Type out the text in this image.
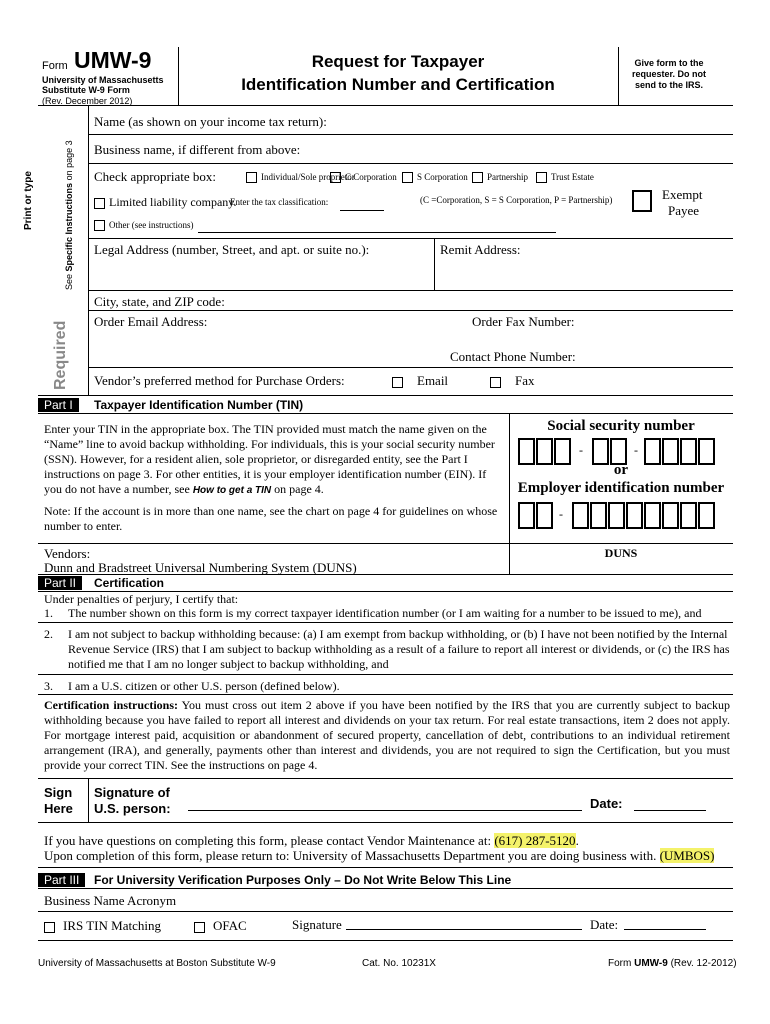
Form UMW-9
University of Massachusetts
Substitute W-9 Form
(Rev. December 2012)
Request for Taxpayer
Identification Number and Certification
Give form to the requester. Do not send to the IRS.
Print or type
See Specific Instructions on page 3
Required
Name (as shown on your income tax return):
Business name, if different from above:
Check appropriate box:	Individual/Sole proprietor
C Corporation	S Corporation	Partnership	Trust Estate
Limited liability company.
Enter the tax classification:	(C =Corporation, S = S Corporation, P = Partnership)	Exempt
Payee
Other (see instructions)
Legal Address (number, Street, and apt. or suite no.):	Remit Address:
City, state, and ZIP code:
Order Email Address:	Order Fax Number:
Contact Phone Number:
Vendor’s preferred method for Purchase Orders:	Email	Fax
Part I	Taxpayer Identification Number (TIN)
Enter your TIN in the appropriate box. The TIN provided must match the name given on the “Name” line to avoid backup withholding. For individuals, this is your social security number (SSN). However, for a resident alien, sole proprietor, or disregarded entity, see the Part I instructions on page 3. For other entities, it is your employer identification number (EIN). If you do not have a number, see How to get a TIN on page 4.
Note: If the account is in more than one name, see the chart on page 4 for guidelines on whose number to enter.
Social security number
-	-
or
Employer identification number
-
Vendors:
Dunn and Bradstreet Universal Numbering System (DUNS)
DUNS
Part II	Certification
Under penalties of perjury, I certify that:
1. The number shown on this form is my correct taxpayer identification number (or I am waiting for a number to be issued to me), and
2. I am not subject to backup withholding because: (a) I am exempt from backup withholding, or (b) I have not been notified by the Internal Revenue Service (IRS) that I am subject to backup withholding as a result of a failure to report all interest or dividends, or (c) the IRS has notified me that I am no longer subject to backup withholding, and
3. I am a U.S. citizen or other U.S. person (defined below).
Certification instructions: You must cross out item 2 above if you have been notified by the IRS that you are currently subject to backup withholding because you have failed to report all interest and dividends on your tax return. For real estate transactions, item 2 does not apply. For mortgage interest paid, acquisition or abandonment of secured property, cancellation of debt, contributions to an individual retirement arrangement (IRA), and generally, payments other than interest and dividends, you are not required to sign the Certification, but you must provide your correct TIN. See the instructions on page 4.
Sign
Here
Signature of
U.S. person:	Date:
If you have questions on completing this form, please contact Vendor Maintenance at: (617) 287-5120.
Upon completion of this form, please return to: University of Massachusetts Department you are doing business with. (UMBOS)
Part III	For University Verification Purposes Only – Do Not Write Below This Line
Business Name Acronym
IRS TIN Matching	OFAC	Signature	Date:
University of Massachusetts at Boston Substitute W-9	Cat. No. 10231X	Form UMW-9 (Rev. 12-2012)
